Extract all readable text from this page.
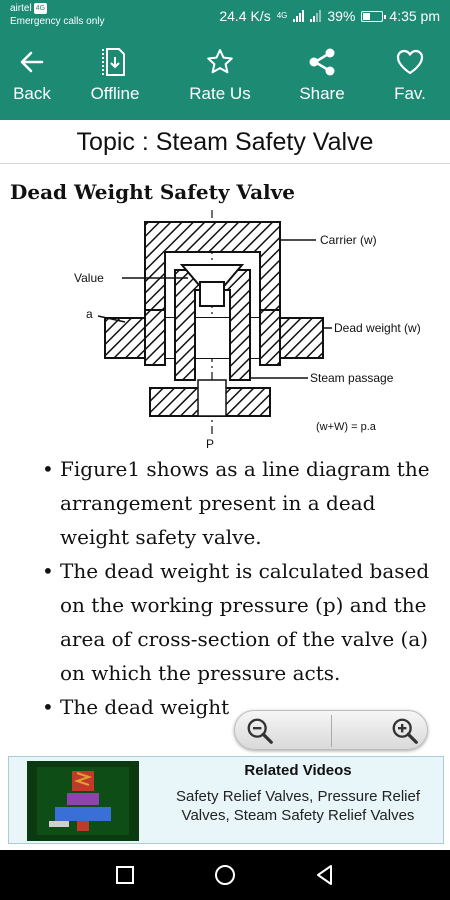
airtel 4G
Emergency calls only	24.4 K/s 4G	39% 4:35 pm
Back	Offline	Rate Us	Share	Fav.
Topic : Steam Safety Valve
Dead Weight Safety Valve
Carrier (w)
Value
a
Dead weight (w)
Steam passage
P
(w+W) = p.a
• Figure1 shows as a line diagram the arrangement present in a dead weight safety valve.
• The dead weight is calculated based on the working pressure (p) and the area of cross-section of the valve (a) on which the pressure acts.
• The dead weight
Related Videos
Safety Relief Valves, Pressure Relief Valves, Steam Safety Relief Valves
